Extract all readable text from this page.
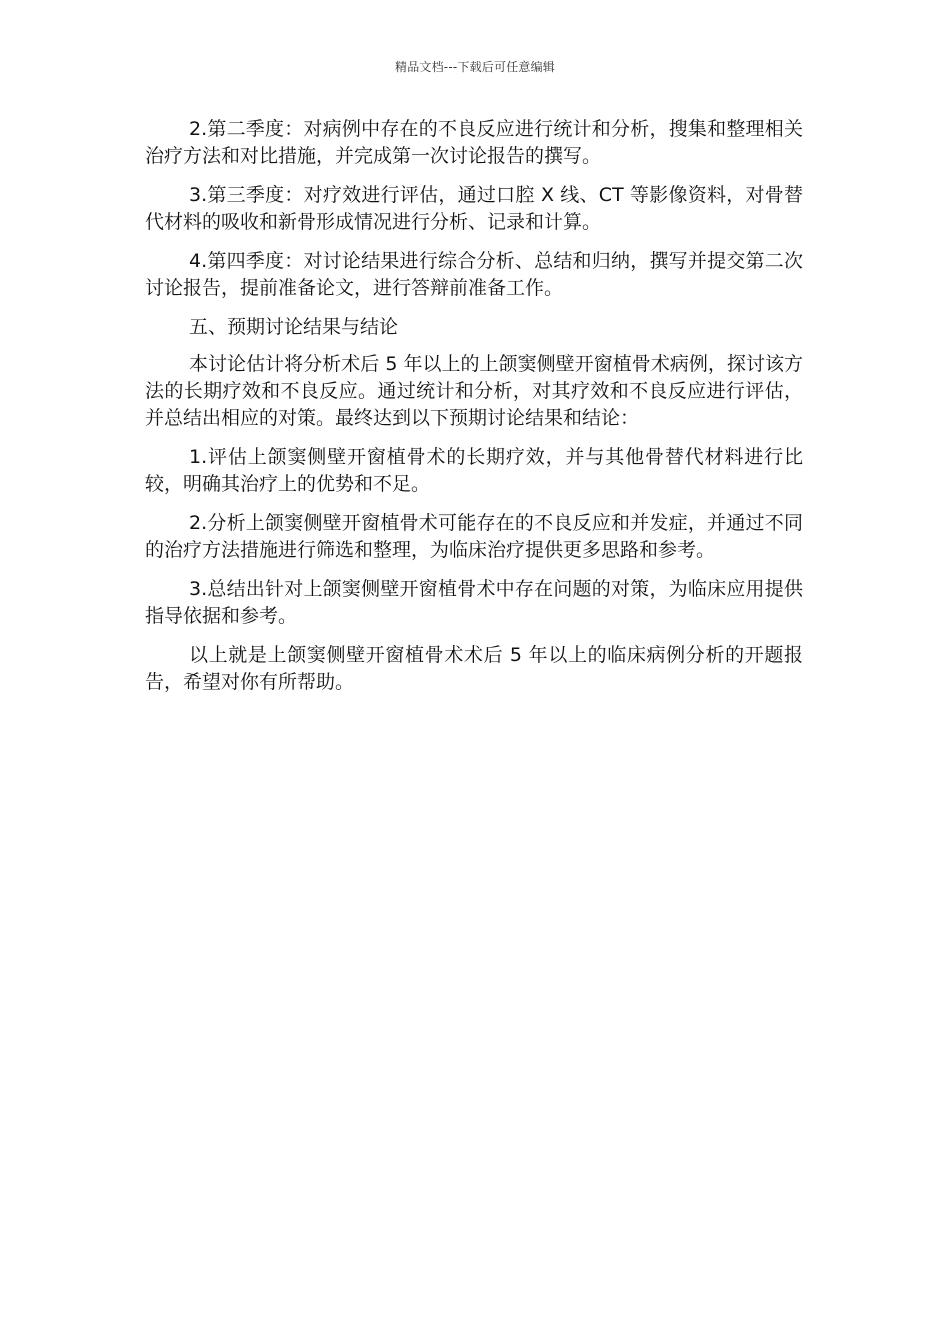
精品文档---下载后可任意编辑

2.第二季度：对病例中存在的不良反应进行统计和分析，搜集和整理相关治疗方法和对比措施，并完成第一次讨论报告的撰写。

3.第三季度：对疗效进行评估，通过口腔 X 线、CT 等影像资料，对骨替代材料的吸收和新骨形成情况进行分析、记录和计算。

4.第四季度：对讨论结果进行综合分析、总结和归纳，撰写并提交第二次讨论报告，提前准备论文，进行答辩前准备工作。

五、预期讨论结果与结论

本讨论估计将分析术后 5 年以上的上颌窦侧壁开窗植骨术病例，探讨该方法的长期疗效和不良反应。通过统计和分析，对其疗效和不良反应进行评估，并总结出相应的对策。最终达到以下预期讨论结果和结论：

1.评估上颌窦侧壁开窗植骨术的长期疗效，并与其他骨替代材料进行比较，明确其治疗上的优势和不足。

2.分析上颌窦侧壁开窗植骨术可能存在的不良反应和并发症，并通过不同的治疗方法措施进行筛选和整理，为临床治疗提供更多思路和参考。

3.总结出针对上颌窦侧壁开窗植骨术中存在问题的对策，为临床应用提供指导依据和参考。

以上就是上颌窦侧壁开窗植骨术术后 5 年以上的临床病例分析的开题报告，希望对你有所帮助。
